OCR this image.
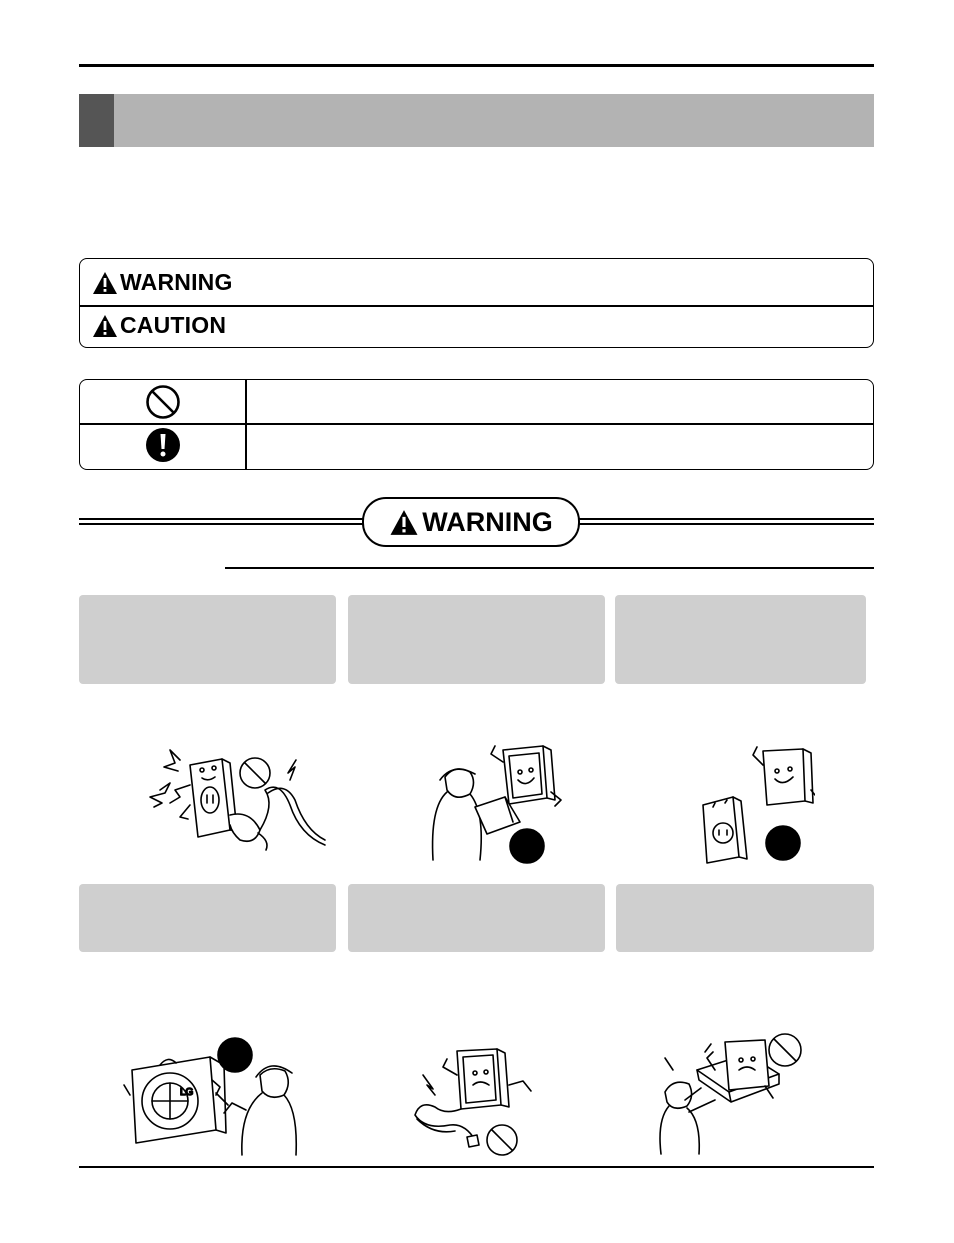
WARNING
CAUTION
WARNING
LG
